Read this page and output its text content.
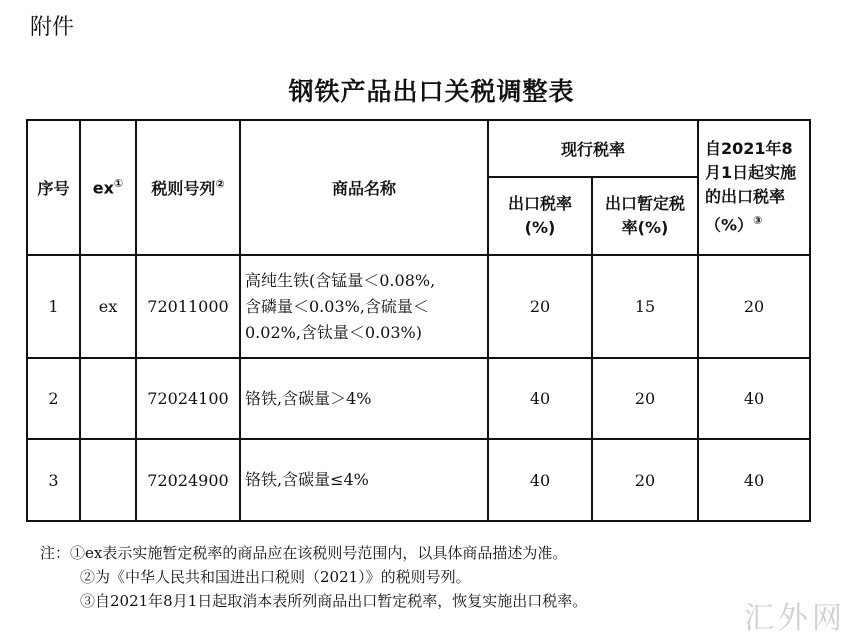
附件
钢铁产品出口关税调整表
序号	ex①	税则号列②	商品名称	现行税率		自2021年8月1日起实施的出口税率（%）③
				出口税率(%)	出口暂定税率(%)	
1	ex	72011000	高纯生铁(含锰量＜0.08%,
含磷量＜0.03%,含硫量＜
0.02%,含钛量＜0.03%)	20	15	20
2		72024100	铬铁,含碳量＞4%	40	20	40
3		72024900	铬铁,含碳量≤4%	40	20	40
注：①ex表示实施暂定税率的商品应在该税则号范围内，以具体商品描述为准。
②为《中华人民共和国进出口税则（2021）》的税则号列。
③自2021年8月1日起取消本表所列商品出口暂定税率，恢复实施出口税率。	汇外网
